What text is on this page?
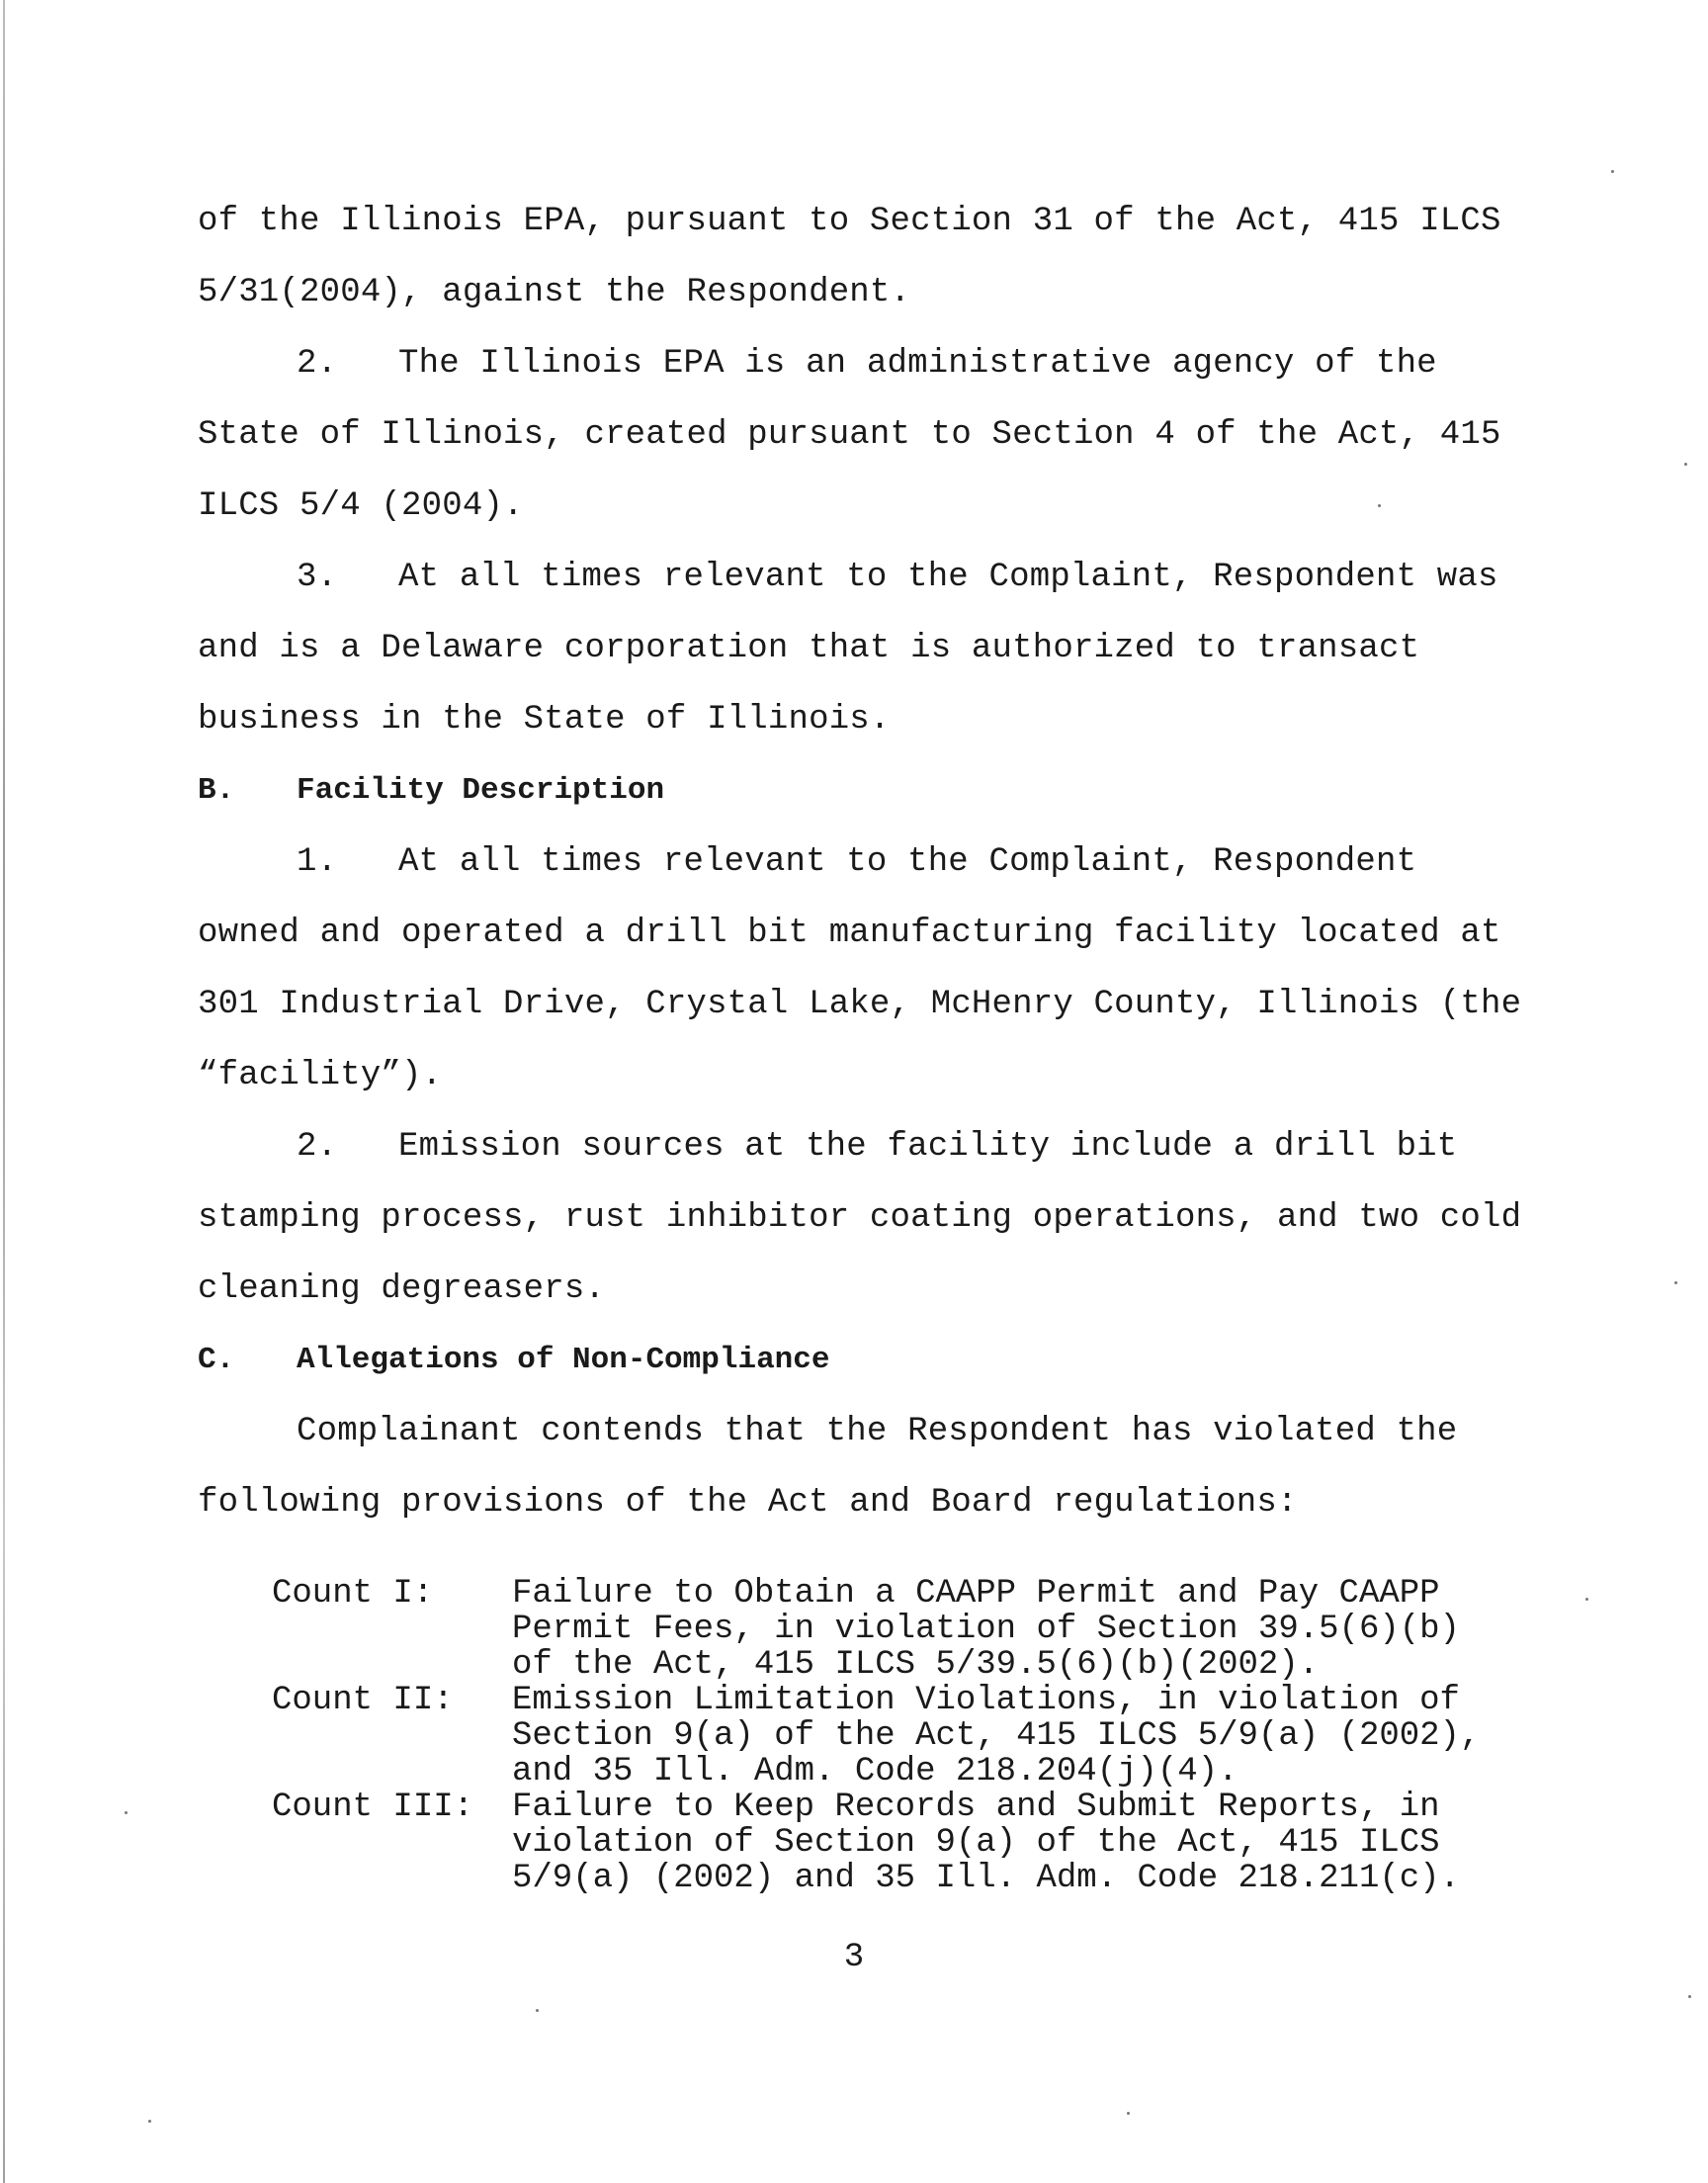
of the Illinois EPA, pursuant to Section 31 of the Act, 415 ILCS
5/31(2004), against the Respondent.
2.   The Illinois EPA is an administrative agency of the
State of Illinois, created pursuant to Section 4 of the Act, 415
ILCS 5/4 (2004).
3.   At all times relevant to the Complaint, Respondent was
and is a Delaware corporation that is authorized to transact
business in the State of Illinois.
B. Facility Description
1.   At all times relevant to the Complaint, Respondent
owned and operated a drill bit manufacturing facility located at
301 Industrial Drive, Crystal Lake, McHenry County, Illinois (the
“facility”).
2.   Emission sources at the facility include a drill bit
stamping process, rust inhibitor coating operations, and two cold
cleaning degreasers.
C. Allegations of Non-Compliance
Complainant contends that the Respondent has violated the
following provisions of the Act and Board regulations:
Count I:	Failure to Obtain a CAAPP Permit and Pay CAAPP
Permit Fees, in violation of Section 39.5(6)(b)
of the Act, 415 ILCS 5/39.5(6)(b)(2002).
Count II:	Emission Limitation Violations, in violation of
Section 9(a) of the Act, 415 ILCS 5/9(a) (2002),
and 35 Ill. Adm. Code 218.204(j)(4).
Count III:	Failure to Keep Records and Submit Reports, in
violation of Section 9(a) of the Act, 415 ILCS
5/9(a) (2002) and 35 Ill. Adm. Code 218.211(c).
3
